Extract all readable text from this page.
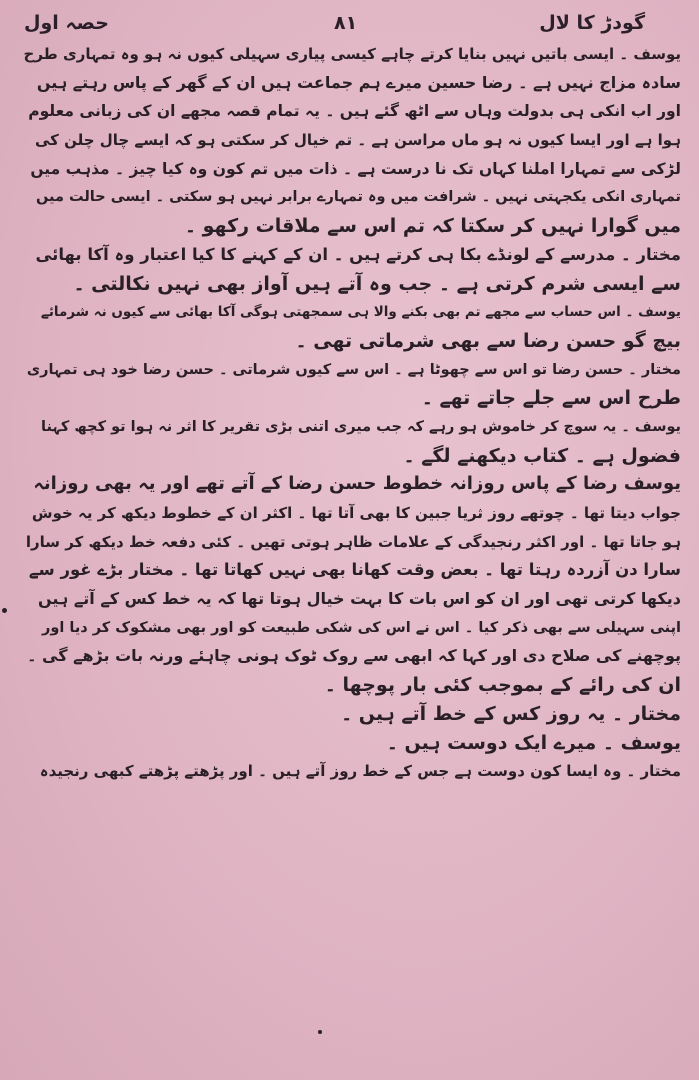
حصہ اول	۸۱	گودڑ کا لال
یوسف ۔ ایسی باتیں نہیں بنایا کرتے چاہے کیسی پیاری سہیلی کیوں نہ ہو وہ تمہاری طرح
سادہ مزاج نہیں ہے ۔ رضا حسین میرے ہم جماعت ہیں ان کے گھر کے پاس رہتے ہیں
اور اب انکی ہی بدولت وہاں سے اٹھ گئے ہیں ۔ یہ تمام قصہ مجھے ان کی زبانی معلوم
ہوا ہے اور ایسا کیوں نہ ہو ماں مراسن ہے ۔ تم خیال کر سکتی ہو کہ ایسے چال چلن کی
لڑکی سے تمہارا املنا کہاں تک نا درست ہے ۔ ذات میں تم کون وہ کیا چیز ۔ مذہب میں
تمہاری انکی یکجہتی نہیں ۔ شرافت میں وہ تمہارے برابر نہیں ہو سکتی ۔ ایسی حالت میں
میں گوارا نہیں کر سکتا کہ تم اس سے ملاقات رکھو ۔
مختار ۔ مدرسے کے لونڈے بکا ہی کرتے ہیں ۔ ان کے کہنے کا کیا اعتبار وہ آکا بھائی
سے ایسی شرم کرتی ہے ۔ جب وہ آتے ہیں آواز بھی نہیں نکالتی ۔
یوسف ۔ اس حساب سے مجھے تم بھی بکنے والا ہی سمجھتی ہوگی آکا بھائی سے کیوں نہ شرمائے
بیچ گو حسن رضا سے بھی شرماتی تھی ۔
مختار ۔ حسن رضا تو اس سے چھوٹا ہے ۔ اس سے کیوں شرماتی ۔ حسن رضا خود ہی تمہاری
طرح اس سے جلے جاتے تھے ۔
یوسف ۔ یہ سوچ کر خاموش ہو رہے کہ جب میری اتنی بڑی تقریر کا اثر نہ ہوا تو کچھ کہنا
فضول ہے ۔ کتاب دیکھنے لگے ۔
یوسف رضا کے پاس روزانہ خطوط حسن رضا کے آتے تھے اور یہ بھی روزانہ
جواب دیتا تھا ۔ چوتھے روز ثریا جبین کا بھی آتا تھا ۔ اکثر ان کے خطوط دیکھ کر یہ خوش
ہو جاتا تھا ۔ اور اکثر رنجیدگی کے علامات ظاہر ہوتی تھیں ۔ کئی دفعہ خط دیکھ کر سارا
سارا دن آزردہ رہتا تھا ۔ بعض وقت کھانا بھی نہیں کھاتا تھا ۔ مختار بڑے غور سے
دیکھا کرتی تھی اور ان کو اس بات کا بہت خیال ہوتا تھا کہ یہ خط کس کے آتے ہیں
اپنی سہیلی سے بھی ذکر کیا ۔ اس نے اس کی شکی طبیعت کو اور بھی مشکوک کر دیا اور
پوچھنے کی صلاح دی اور کہا کہ ابھی سے روک ٹوک ہونی چاہئے ورنہ بات بڑھے گی ۔
ان کی رائے کے بموجب کئی بار پوچھا ۔
مختار ۔ یہ روز کس کے خط آتے ہیں ۔
یوسف ۔ میرے ایک دوست ہیں ۔
مختار ۔ وہ ایسا کون دوست ہے جس کے خط روز آتے ہیں ۔ اور پڑھتے پڑھتے کبھی رنجیدہ
